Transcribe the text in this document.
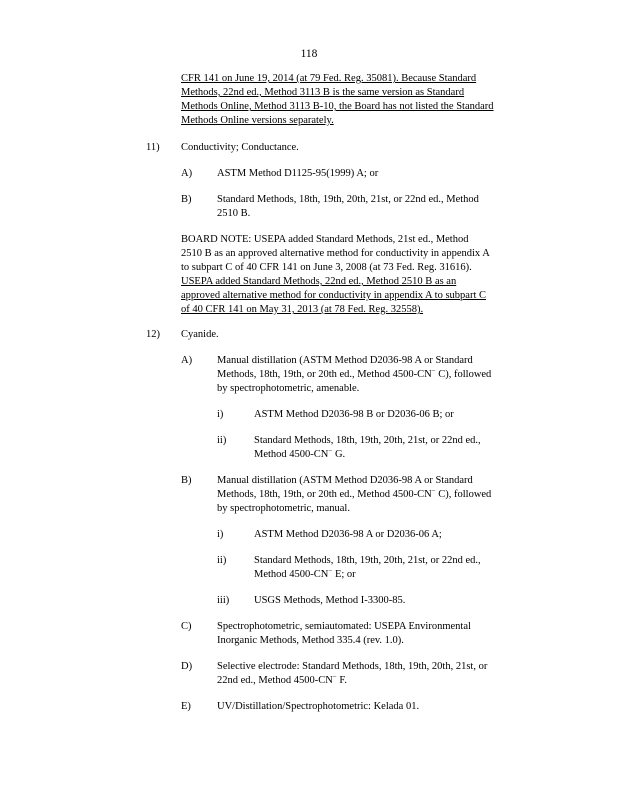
118
CFR 141 on June 19, 2014 (at 79 Fed. Reg. 35081). Because Standard
Methods, 22nd ed., Method 3113 B is the same version as Standard
Methods Online, Method 3113 B-10, the Board has not listed the Standard
Methods Online versions separately.
11) Conductivity; Conductance.
A) ASTM Method D1125-95(1999) A; or
B) Standard Methods, 18th, 19th, 20th, 21st, or 22nd ed., Method
2510 B.
BOARD NOTE: USEPA added Standard Methods, 21st ed., Method
2510 B as an approved alternative method for conductivity in appendix A
to subpart C of 40 CFR 141 on June 3, 2008 (at 73 Fed. Reg. 31616).
USEPA added Standard Methods, 22nd ed., Method 2510 B as an
approved alternative method for conductivity in appendix A to subpart C
of 40 CFR 141 on May 31, 2013 (at 78 Fed. Reg. 32558).
12) Cyanide.
A) Manual distillation (ASTM Method D2036-98 A or Standard
Methods, 18th, 19th, or 20th ed., Method 4500-CN− C), followed
by spectrophotometric, amenable.
i)	ASTM Method D2036-98 B or D2036-06 B; or
ii)	Standard Methods, 18th, 19th, 20th, 21st, or 22nd ed.,
Method 4500-CN− G.
B) Manual distillation (ASTM Method D2036-98 A or Standard
Methods, 18th, 19th, or 20th ed., Method 4500-CN− C), followed
by spectrophotometric, manual.
i)	ASTM Method D2036-98 A or D2036-06 A;
ii)	Standard Methods, 18th, 19th, 20th, 21st, or 22nd ed.,
Method 4500-CN− E; or
iii) USGS Methods, Method I-3300-85.
C) Spectrophotometric, semiautomated: USEPA Environmental
Inorganic Methods, Method 335.4 (rev. 1.0).
D) Selective electrode: Standard Methods, 18th, 19th, 20th, 21st, or
22nd ed., Method 4500-CN− F.
E) UV/Distillation/Spectrophotometric: Kelada 01.
